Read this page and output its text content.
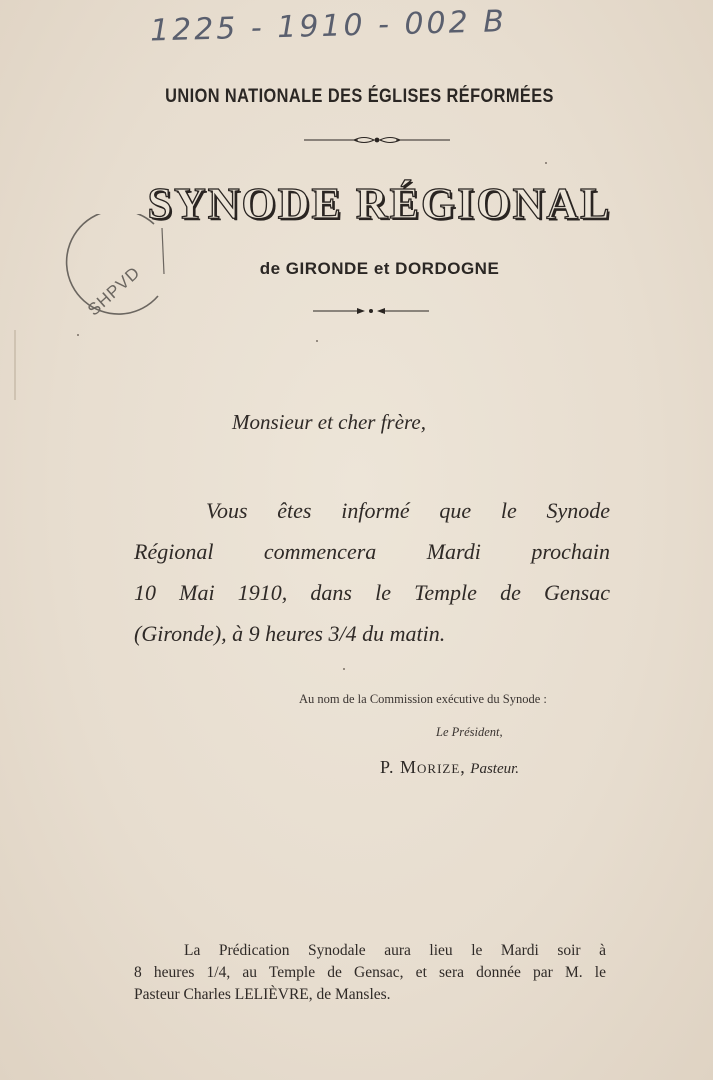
1225 - 1910 - 002 B
UNION NATIONALE DES ÉGLISES RÉFORMÉES
SYNODE RÉGIONAL
SHPVD	de GIRONDE et DORDOGNE
Monsieur et cher frère,
Vous êtes informé que le Synode
Régional commencera Mardi prochain
10 Mai 1910, dans le Temple de Gensac
(Gironde), à 9 heures 3/4 du matin.
Au nom de la Commission exécutive du Synode :
Le Président,
P. Morize, Pasteur.
La Prédication Synodale aura lieu le Mardi soir à
8 heures 1/4, au Temple de Gensac, et sera donnée par M. le
Pasteur Charles LELIÈVRE, de Mansles.
